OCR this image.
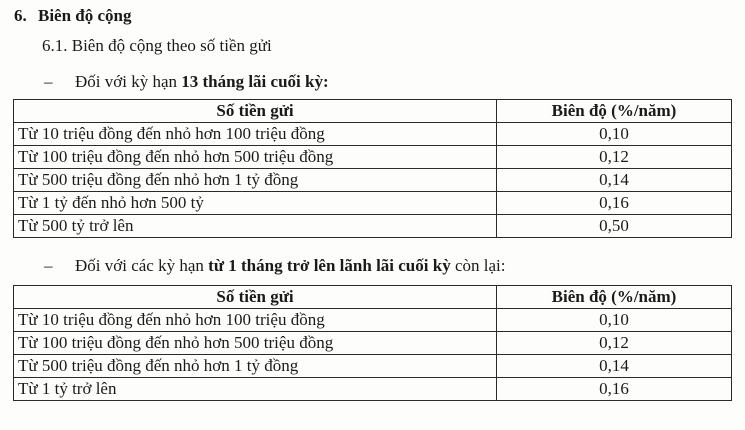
6. Biên độ cộng
6.1. Biên độ cộng theo số tiền gửi
– Đối với kỳ hạn 13 tháng lãi cuối kỳ:
Số tiền gửi	Biên độ (%/năm)
Từ 10 triệu đồng đến nhỏ hơn 100 triệu đồng	0,10
Từ 100 triệu đồng đến nhỏ hơn 500 triệu đồng	0,12
Từ 500 triệu đồng đến nhỏ hơn 1 tỷ đồng	0,14
Từ 1 tỷ đến nhỏ hơn 500 tỷ	0,16
Từ 500 tỷ trở lên	0,50
– Đối với các kỳ hạn từ 1 tháng trở lên lãnh lãi cuối kỳ còn lại:
Số tiền gửi	Biên độ (%/năm)
Từ 10 triệu đồng đến nhỏ hơn 100 triệu đồng	0,10
Từ 100 triệu đồng đến nhỏ hơn 500 triệu đồng	0,12
Từ 500 triệu đồng đến nhỏ hơn 1 tỷ đồng	0,14
Từ 1 tỷ trở lên	0,16
